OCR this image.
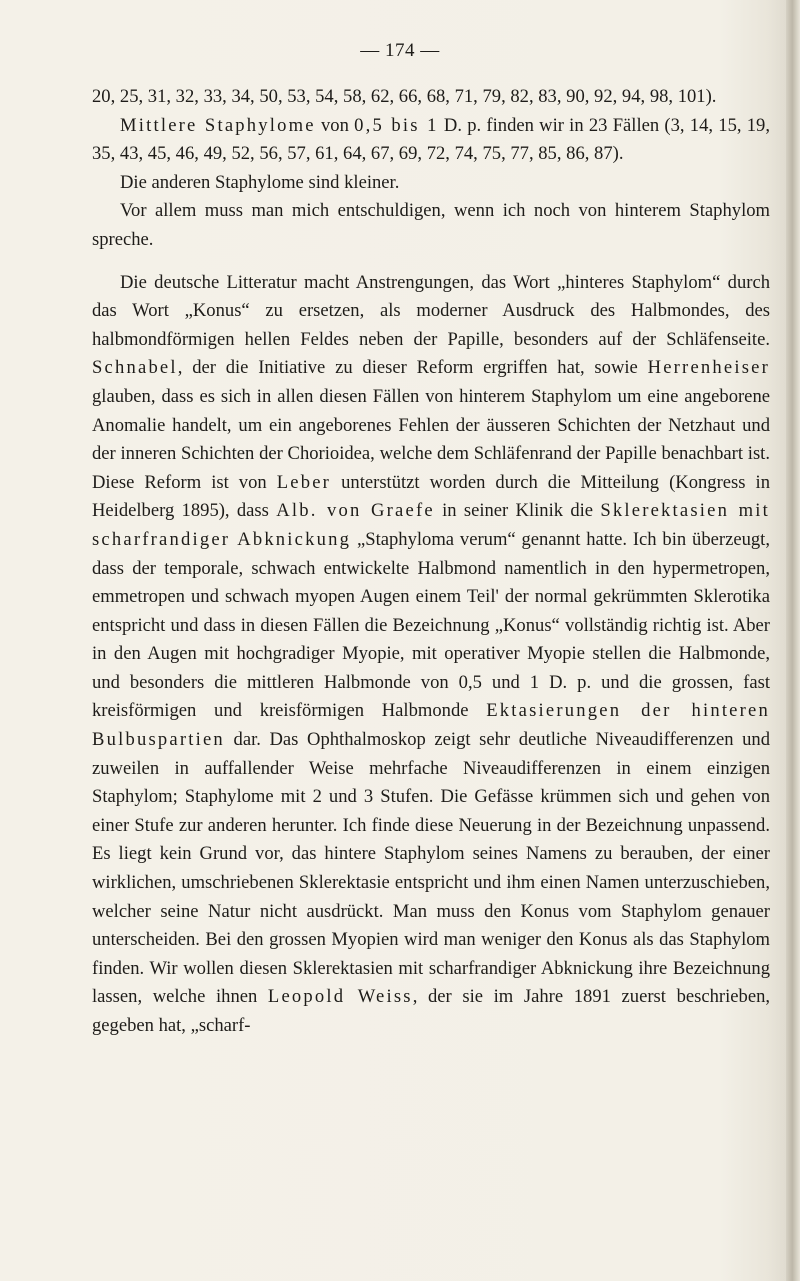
— 174 —

20, 25, 31, 32, 33, 34, 50, 53, 54, 58, 62, 66, 68, 71, 79, 82, 83, 90, 92, 94, 98, 101).

Mittlere Staphylome von 0,5 bis 1 D. p. finden wir in 23 Fällen (3, 14, 15, 19, 35, 43, 45, 46, 49, 52, 56, 57, 61, 64, 67, 69, 72, 74, 75, 77, 85, 86, 87).

Die anderen Staphylome sind kleiner.

Vor allem muss man mich entschuldigen, wenn ich noch von hinterem Staphylom spreche.

Die deutsche Litteratur macht Anstrengungen, das Wort „hinteres Staphylom“ durch das Wort „Konus“ zu ersetzen, als moderner Ausdruck des Halbmondes, des halbmondförmigen hellen Feldes neben der Papille, besonders auf der Schläfenseite. Schnabel, der die Initiative zu dieser Reform ergriffen hat, sowie Herrenheiser glauben, dass es sich in allen diesen Fällen von hinterem Staphylom um eine angeborene Anomalie handelt, um ein angeborenes Fehlen der äusseren Schichten der Netzhaut und der inneren Schichten der Chorioidea, welche dem Schläfenrand der Papille benachbart ist. Diese Reform ist von Leber unterstützt worden durch die Mitteilung (Kongress in Heidelberg 1895), dass Alb. von Graefe in seiner Klinik die Sklerektasien mit scharfrandiger Abknickung „Staphyloma verum“ genannt hatte. Ich bin überzeugt, dass der temporale, schwach entwickelte Halbmond namentlich in den hypermetropen, emmetropen und schwach myopen Augen einem Teil' der normal gekrümmten Sklerotika entspricht und dass in diesen Fällen die Bezeichnung „Konus“ vollständig richtig ist. Aber in den Augen mit hochgradiger Myopie, mit operativer Myopie stellen die Halbmonde, und besonders die mittleren Halbmonde von 0,5 und 1 D. p. und die grossen, fast kreisförmigen und kreisförmigen Halbmonde Ektasierungen der hinteren Bulbuspartien dar. Das Ophthalmoskop zeigt sehr deutliche Niveaudifferenzen und zuweilen in auffallender Weise mehrfache Niveaudifferenzen in einem einzigen Staphylom; Staphylome mit 2 und 3 Stufen. Die Gefässe krümmen sich und gehen von einer Stufe zur anderen herunter. Ich finde diese Neuerung in der Bezeichnung unpassend. Es liegt kein Grund vor, das hintere Staphylom seines Namens zu berauben, der einer wirklichen, umschriebenen Sklerektasie entspricht und ihm einen Namen unterzuschieben, welcher seine Natur nicht ausdrückt. Man muss den Konus vom Staphylom genauer unterscheiden. Bei den grossen Myopien wird man weniger den Konus als das Staphylom finden. Wir wollen diesen Sklerektasien mit scharfrandiger Abknickung ihre Bezeichnung lassen, welche ihnen Leopold Weiss, der sie im Jahre 1891 zuerst beschrieben, gegeben hat, „scharf-
